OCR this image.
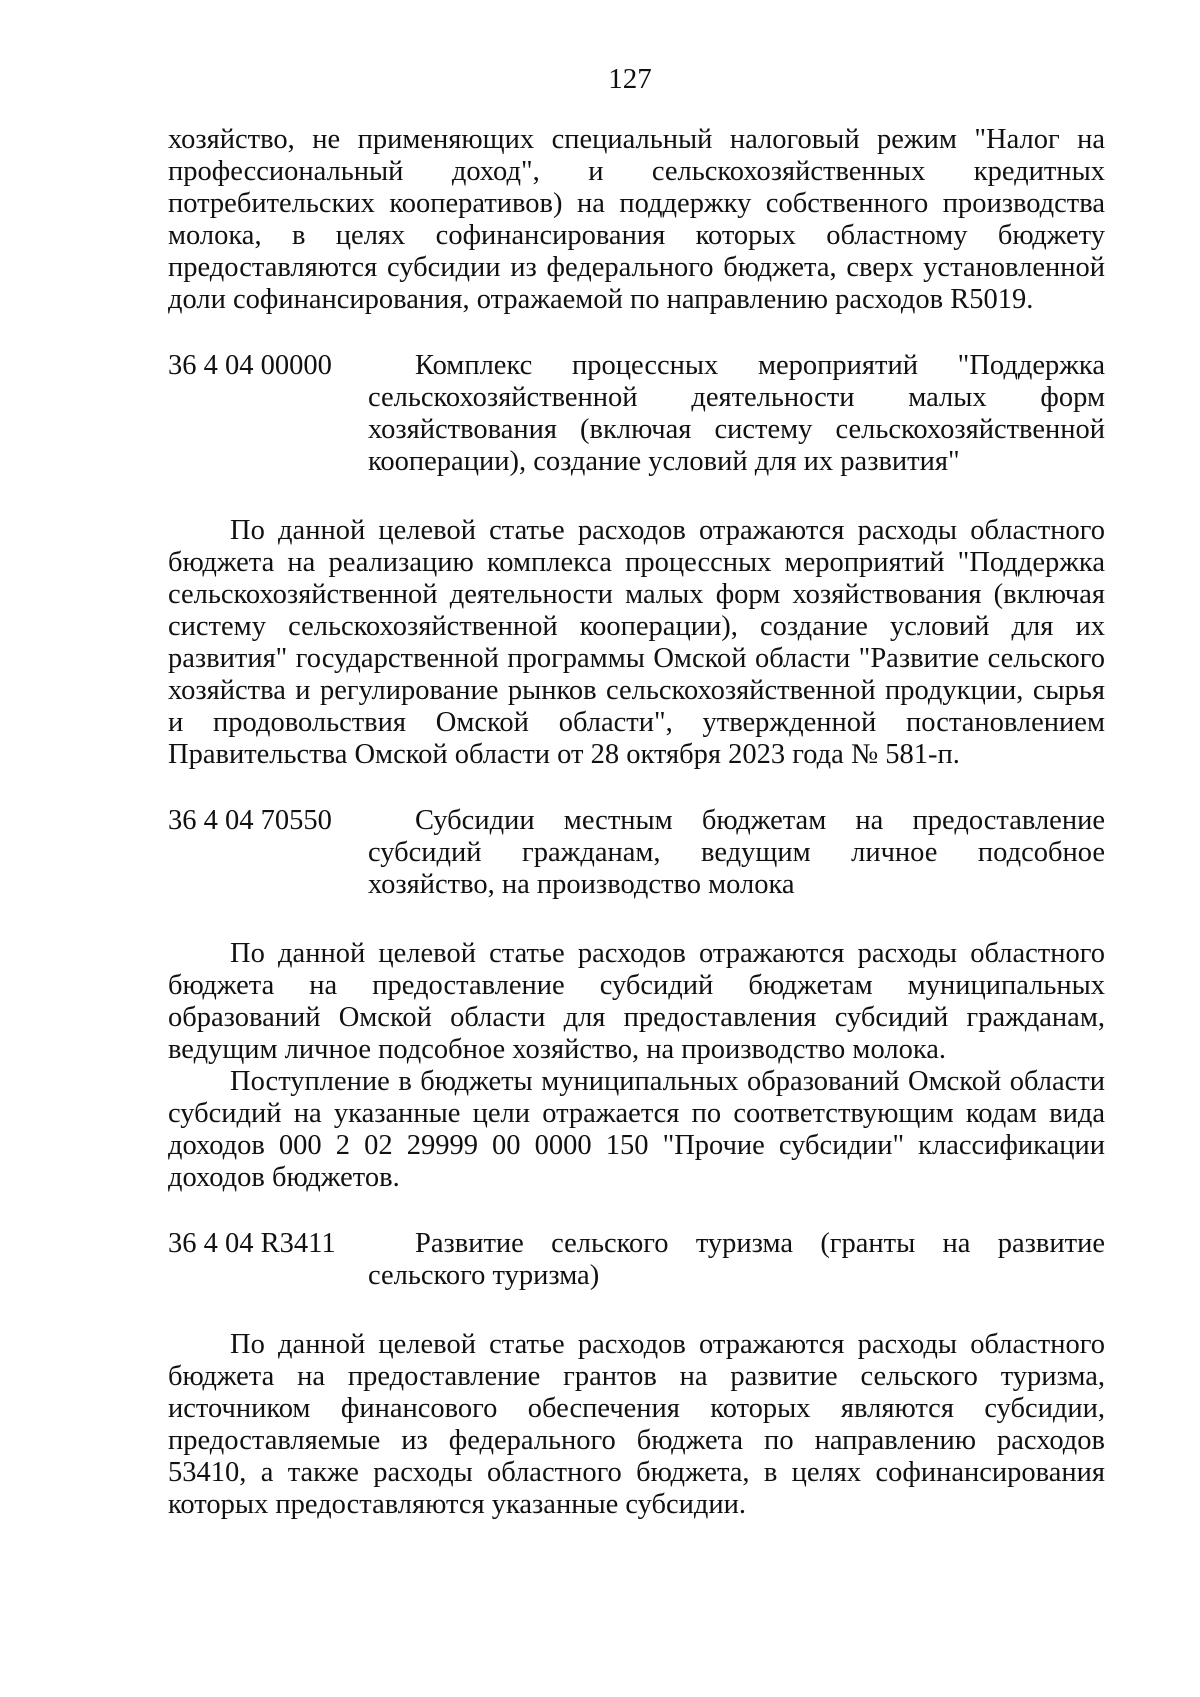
127

хозяйство, не применяющих специальный налоговый режим "Налог на профессиональный доход", и сельскохозяйственных кредитных потребительских кооперативов) на поддержку собственного производства молока, в целях софинансирования которых областному бюджету предоставляются субсидии из федерального бюджета, сверх установленной доли софинансирования, отражаемой по направлению расходов R5019.

36 4 04 00000	Комплекс процессных мероприятий "Поддержка сельскохозяйственной деятельности малых форм хозяйствования (включая систему сельскохозяйственной кооперации), создание условий для их развития"

По данной целевой статье расходов отражаются расходы областного бюджета на реализацию комплекса процессных мероприятий "Поддержка сельскохозяйственной деятельности малых форм хозяйствования (включая систему сельскохозяйственной кооперации), создание условий для их развития" государственной программы Омской области "Развитие сельского хозяйства и регулирование рынков сельскохозяйственной продукции, сырья и продовольствия Омской области", утвержденной постановлением Правительства Омской области от 28 октября 2023 года № 581-п.

36 4 04 70550	Субсидии местным бюджетам на предоставление субсидий гражданам, ведущим личное подсобное хозяйство, на производство молока

По данной целевой статье расходов отражаются расходы областного бюджета на предоставление субсидий бюджетам муниципальных образований Омской области для предоставления субсидий гражданам, ведущим личное подсобное хозяйство, на производство молока.

Поступление в бюджеты муниципальных образований Омской области субсидий на указанные цели отражается по соответствующим кодам вида доходов 000 2 02 29999 00 0000 150 "Прочие субсидии" классификации доходов бюджетов.

36 4 04 R3411	Развитие сельского туризма (гранты на развитие сельского туризма)

По данной целевой статье расходов отражаются расходы областного бюджета на предоставление грантов на развитие сельского туризма, источником финансового обеспечения которых являются субсидии, предоставляемые из федерального бюджета по направлению расходов 53410, а также расходы областного бюджета, в целях софинансирования которых предоставляются указанные субсидии.
